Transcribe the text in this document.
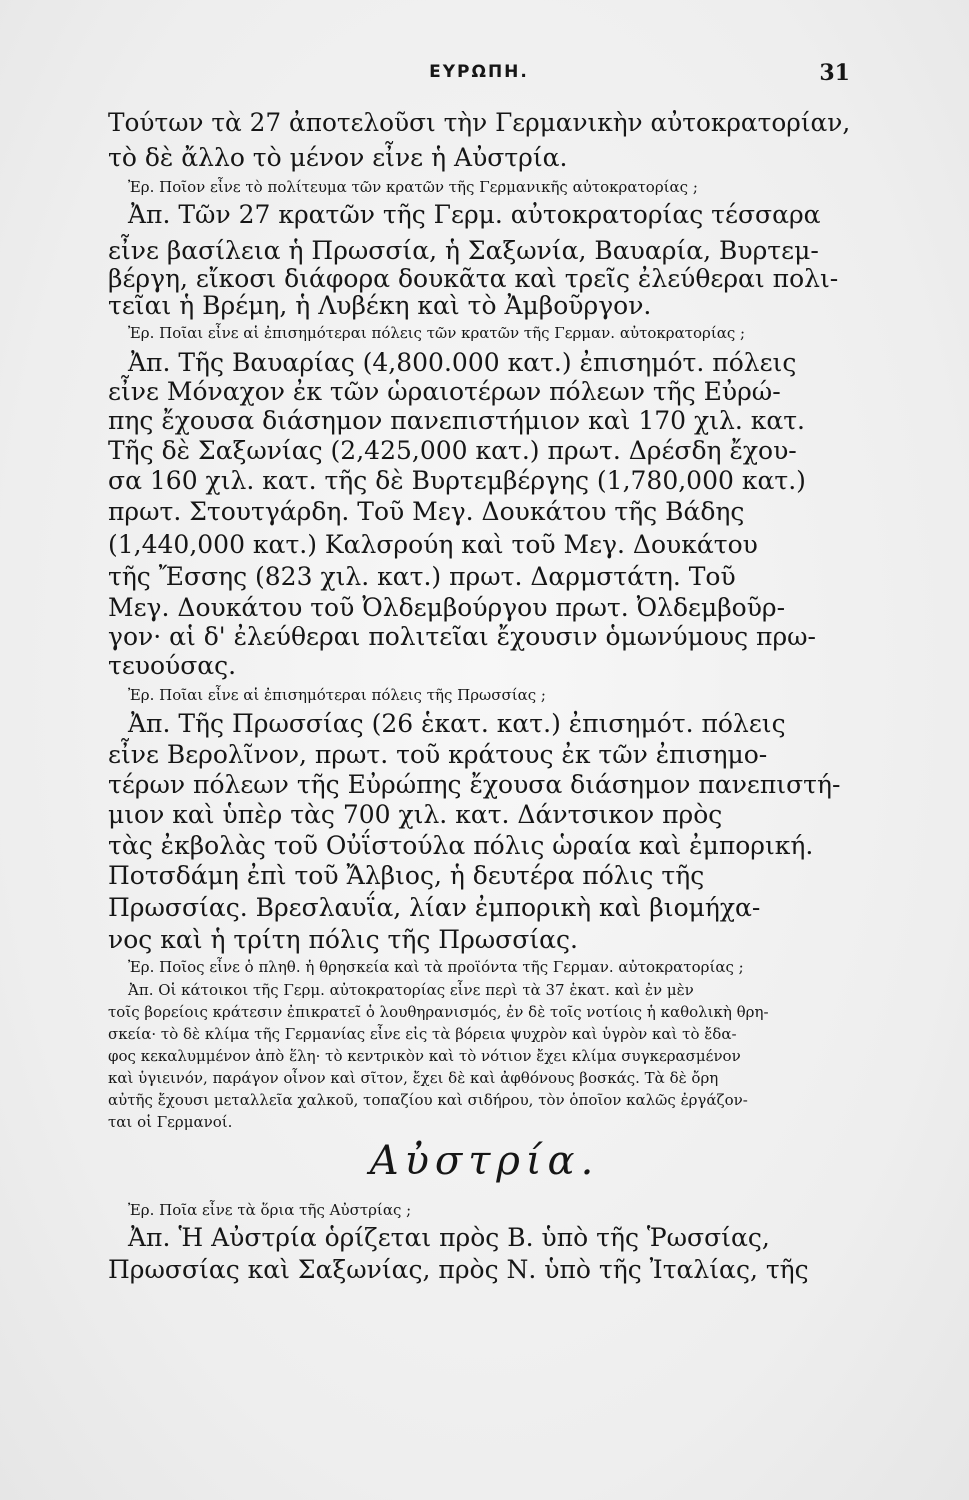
ΕΥΡΩΠΗ.	31
Τούτων τὰ 27 ἀποτελοῦσι τὴν Γερμανικὴν αὐτοκρατορίαν,
τὸ δὲ ἄλλο τὸ μένον εἶνε ἡ Αὐστρία.
Ἐρ. Ποῖον εἶνε τὸ πολίτευμα τῶν κρατῶν τῆς Γερμανικῆς αὐτοκρατορίας ;
Ἀπ. Τῶν 27 κρατῶν τῆς Γερμ. αὐτοκρατορίας τέσσαρα
εἶνε βασίλεια ἡ Πρωσσία, ἡ Σαξωνία, Βαυαρία, Βυρτεμ-
βέργη, εἴκοσι διάφορα δουκᾶτα καὶ τρεῖς ἐλεύθεραι πολι-
τεῖαι ἡ Βρέμη, ἡ Λυβέκη καὶ τὸ Ἀμβοῦργον.
Ἐρ. Ποῖαι εἶνε αἱ ἐπισημότεραι πόλεις τῶν κρατῶν τῆς Γερμαν. αὐτοκρατορίας ;
Ἀπ. Τῆς Βαυαρίας (4,800.000 κατ.) ἐπισημότ. πόλεις
εἶνε Μόναχον ἐκ τῶν ὡραιοτέρων πόλεων τῆς Εὐρώ-
πης ἔχουσα διάσημον πανεπιστήμιον καὶ 170 χιλ. κατ.
Τῆς δὲ Σαξωνίας (2,425,000 κατ.) πρωτ. Δρέσδη ἔχου-
σα 160 χιλ. κατ. τῆς δὲ Βυρτεμβέργης (1,780,000 κατ.)
πρωτ. Στουτγάρδη. Τοῦ Μεγ. Δουκάτου τῆς Βάδης
(1,440,000 κατ.) Καλσρούη καὶ τοῦ Μεγ. Δουκάτου
τῆς Ἔσσης (823 χιλ. κατ.) πρωτ. Δαρμστάτη. Τοῦ
Μεγ. Δουκάτου τοῦ Ὀλδεμβούργου πρωτ. Ὀλδεμβοῦρ-
γον· αἱ δ' ἐλεύθεραι πολιτεῖαι ἔχουσιν ὁμωνύμους πρω-
τευούσας.
Ἐρ. Ποῖαι εἶνε αἱ ἐπισημότεραι πόλεις τῆς Πρωσσίας ;
Ἀπ. Τῆς Πρωσσίας (26 ἑκατ. κατ.) ἐπισημότ. πόλεις
εἶνε Βερολῖνον, πρωτ. τοῦ κράτους ἐκ τῶν ἐπισημο-
τέρων πόλεων τῆς Εὐρώπης ἔχουσα διάσημον πανεπιστή-
μιον καὶ ὑπὲρ τὰς 700 χιλ. κατ. Δάντσικον πρὸς
τὰς ἐκβολὰς τοῦ Οὐΐστούλα πόλις ὡραία καὶ ἐμπορική.
Ποτσδάμη ἐπὶ τοῦ Ἄλβιος, ἡ δευτέρα πόλις τῆς
Πρωσσίας. Βρεσλαυΐα, λίαν ἐμπορικὴ καὶ βιομήχα-
νος καὶ ἡ τρίτη πόλις τῆς Πρωσσίας.
Ἐρ. Ποῖος εἶνε ὁ πληθ. ἡ θρησκεία καὶ τὰ προϊόντα τῆς Γερμαν. αὐτοκρατορίας ;
Ἀπ. Οἱ κάτοικοι τῆς Γερμ. αὐτοκρατορίας εἶνε περὶ τὰ 37 ἑκατ. καὶ ἐν μὲν
τοῖς βορείοις κράτεσιν ἐπικρατεῖ ὁ λουθηρανισμός, ἐν δὲ τοῖς νοτίοις ἡ καθολικὴ θρη-
σκεία· τὸ δὲ κλίμα τῆς Γερμανίας εἶνε εἰς τὰ βόρεια ψυχρὸν καὶ ὑγρὸν καὶ τὸ ἔδα-
φος κεκαλυμμένον ἀπὸ ἕλη· τὸ κεντρικὸν καὶ τὸ νότιον ἔχει κλίμα συγκερασμένον
καὶ ὑγιεινόν, παράγον οἶνον καὶ σῖτον, ἔχει δὲ καὶ ἀφθόνους βοσκάς. Τὰ δὲ ὄρη
αὐτῆς ἔχουσι μεταλλεῖα χαλκοῦ, τοπαζίου καὶ σιδήρου, τὸν ὁποῖον καλῶς ἐργάζον-
ται οἱ Γερμανοί.
Αὐστρία.
Ἐρ. Ποῖα εἶνε τὰ ὅρια τῆς Αὐστρίας ;
Ἀπ. Ἡ Αὐστρία ὁρίζεται πρὸς Β. ὑπὸ τῆς Ῥωσσίας,
Πρωσσίας καὶ Σαξωνίας, πρὸς Ν. ὑπὸ τῆς Ἰταλίας, τῆς
